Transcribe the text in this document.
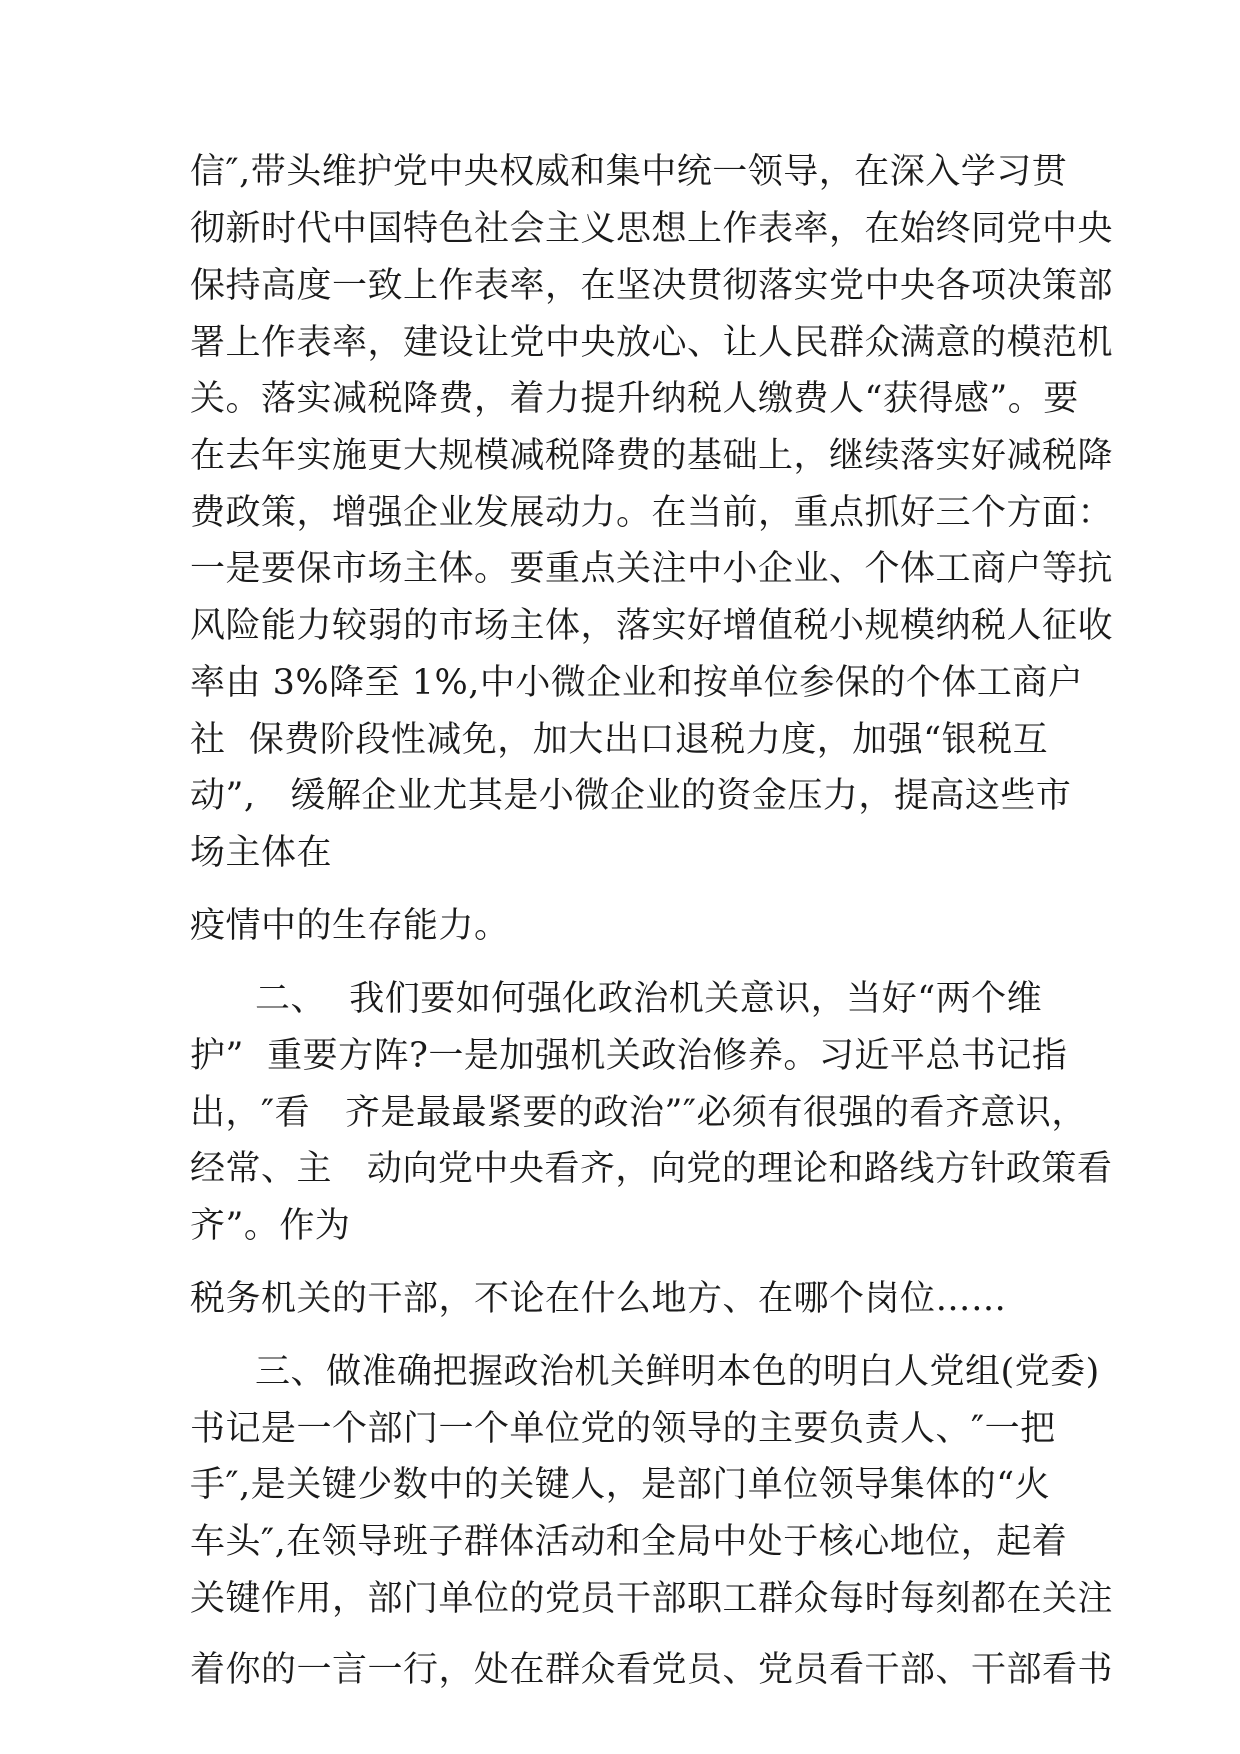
信″,带头维护党中央权威和集中统一领导，在深入学习贯

彻新时代中国特色社会主义思想上作表率，在始终同党中央

保持高度一致上作表率，在坚决贯彻落实党中央各项决策部

署上作表率，建设让党中央放心、让人民群众满意的模范机

关。落实减税降费，着力提升纳税人缴费人“获得感”。要

在去年实施更大规模减税降费的基础上，继续落实好减税降

费政策，增强企业发展动力。在当前，重点抓好三个方面：

一是要保市场主体。要重点关注中小企业、个体工商户等抗

风险能力较弱的市场主体，落实好增值税小规模纳税人征收

率由 3%降至 1%,中小微企业和按单位参保的个体工商户

社  保费阶段性减免，加大出口退税力度，加强“银税互

动”,   缓解企业尤其是小微企业的资金压力，提高这些市

场主体在

疫情中的生存能力。

二、  我们要如何强化政治机关意识，当好“两个维

护”  重要方阵?一是加强机关政治修养。习近平总书记指

出，″看   齐是最最紧要的政治”″必须有很强的看齐意识，

经常、主   动向党中央看齐，向党的理论和路线方针政策看

齐”。作为

税务机关的干部，不论在什么地方、在哪个岗位……

三、做准确把握政治机关鲜明本色的明白人党组(党委)

书记是一个部门一个单位党的领导的主要负责人、″一把

手″,是关键少数中的关键人，是部门单位领导集体的“火

车头″,在领导班子群体活动和全局中处于核心地位，起着

关键作用，部门单位的党员干部职工群众每时每刻都在关注

着你的一言一行，处在群众看党员、党员看干部、干部看书
